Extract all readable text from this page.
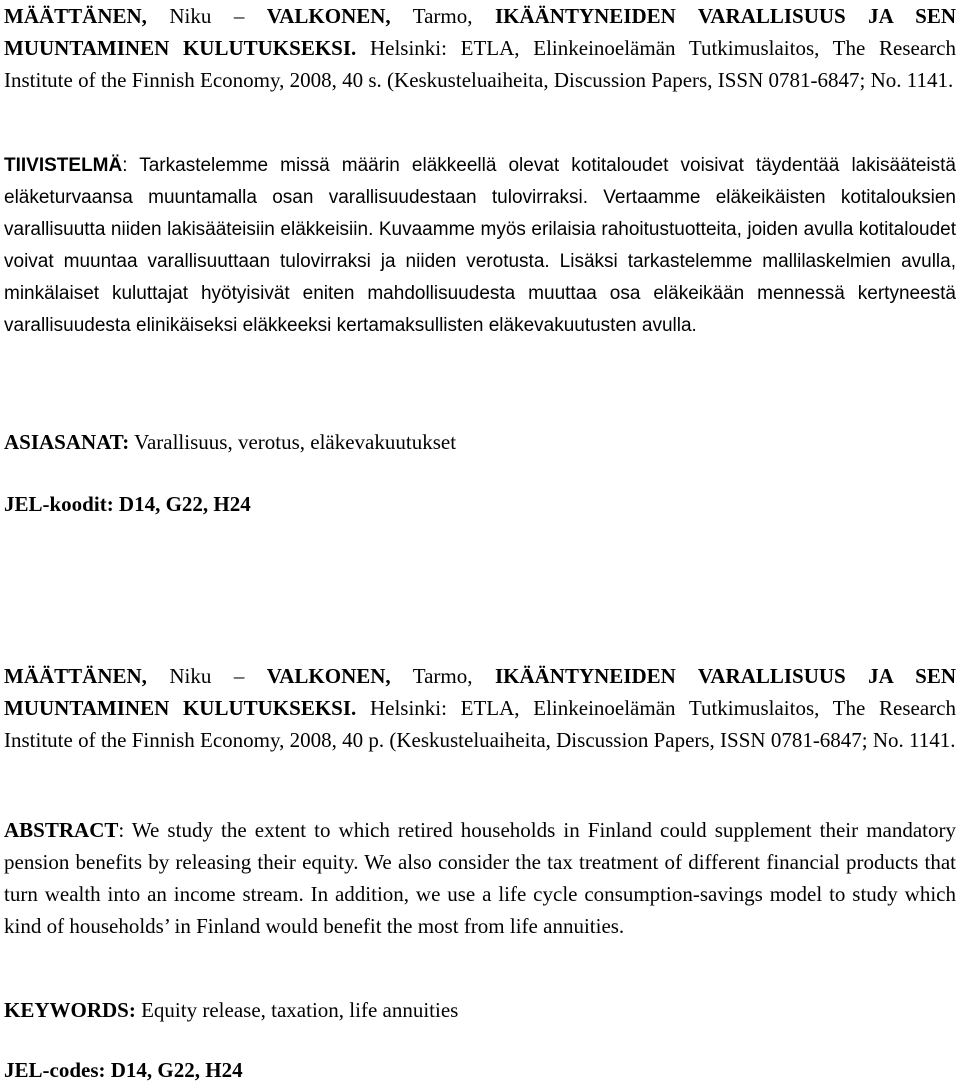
MÄÄTTÄNEN, Niku – VALKONEN, Tarmo, IKÄÄNTYNEIDEN VARALLISUUS JA SEN MUUNTAMINEN KULUTUKSEKSI. Helsinki: ETLA, Elinkeinoelämän Tutkimuslaitos, The Research Institute of the Finnish Economy, 2008, 40 s. (Keskusteluaiheita, Discussion Papers, ISSN 0781-6847; No. 1141.

TIIVISTELMÄ: Tarkastelemme missä määrin eläkkeellä olevat kotitaloudet voisivat täydentää lakisääteistä eläketurvaansa muuntamalla osan varallisuudestaan tulovirraksi. Vertaamme eläkeikäisten kotitalouksien varallisuutta niiden lakisääteisiin eläkkeisiin. Kuvaamme myös erilaisia rahoitustuotteita, joiden avulla kotitaloudet voivat muuntaa varallisuuttaan tulovirraksi ja niiden verotusta. Lisäksi tarkastelemme mallilaskelmien avulla, minkälaiset kuluttajat hyötyisivät eniten mahdollisuudesta muuttaa osa eläkeikään mennessä kertyneestä varallisuudesta elinikäiseksi eläkkeeksi kertamaksullisten eläkevakuutusten avulla.

ASIASANAT: Varallisuus, verotus, eläkevakuutukset

JEL-koodit: D14, G22, H24

MÄÄTTÄNEN, Niku – VALKONEN, Tarmo, IKÄÄNTYNEIDEN VARALLISUUS JA SEN MUUNTAMINEN KULUTUKSEKSI. Helsinki: ETLA, Elinkeinoelämän Tutkimuslaitos, The Research Institute of the Finnish Economy, 2008, 40 p. (Keskusteluaiheita, Discussion Papers, ISSN 0781-6847; No. 1141.

ABSTRACT: We study the extent to which retired households in Finland could supplement their mandatory pension benefits by releasing their equity. We also consider the tax treatment of different financial products that turn wealth into an income stream. In addition, we use a life cycle consumption-savings model to study which kind of households’ in Finland would benefit the most from life annuities.

KEYWORDS: Equity release, taxation, life annuities

JEL-codes: D14, G22, H24
